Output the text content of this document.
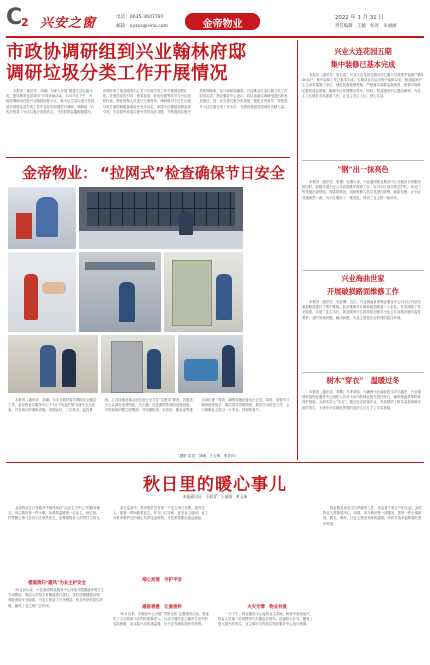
C
2 兴安之窗	电话：0635-3607787
邮箱：xyzxs@sina.com	金帝物业
2022 年 1 月 31 日
责任编辑　王薇　校对　朱丽丽
市政协调研组到兴业翰林府邸
调研垃圾分类工作开展情况
本报讯（通讯员　刘溪）为深入开展“推进生活垃圾分类，建设精美宜居城市”专项协商活动，1月17日下午，市政协调研组莅临兴业翰林府邸小区，就小区生活垃圾分类投放开展情况及分类工作中存在的问题进行调研。调研组一行先后察看了小区垃圾分类投放点、分类收集容器配置情况，详细听取了物业服务中心关于垃圾分类工作开展情况的汇报，并围绕宣传引导、督导检查、收运处置等环节与小区居民代表、物业管理人员进行交流座谈。调研组对小区在垃圾分类方面的积极探索给予充分肯定，希望小区继续加强宣传引导，引导居民养成垃圾分类的良好习惯，不断提高垃圾分类的知晓率、参与率和准确率，共同推动生活垃圾分类工作取得实效。物业服务中心表示，将认真落实调研组提出的意见建议，进一步完善垃圾分类设施，强化日常督导，持续提升小区垃圾分类工作水平，为建设美丽宜居城市贡献力量。
金帝物业： “拉网式”检查确保节日安全
本报讯（通讯员　刘溪）为全力做好春节期间安全稳定工作，金帝物业各服务中心于1月下旬起开展节前安全大检查，对各项目的消防设施、电梯运行、二次供水、监控系统、公共设施及重点部位进行全方位“拉网式”排查。各服务中心认真检查消防栓、灭火器、应急照明等消防设施设备，对发现的问题立即整改；对电梯机房、水泵房、配电室等重点部位逐一排查，确保设施设备运行正常。同时，加强节日期间值班值守，落实领导带班制度，做好安全防范工作，全力保障业主度过一个安全、祥和的春节。
（摄影 苗君　刘溪　王玉珠　张洋洋）
兴业大连花园五期
集中装修已基本完成
本报讯（通讯员　张自春）兴业大连花园五期目前已累计完成集中装修户数480余户，集中装修工作已基本完成。五期项目自启动集中装修以来，物业服务中心主动对接施工单位，细化装修管理措施，严格落实装修巡查制度，加强对装修垃圾的清运管理，确保小区环境整洁有序。同时，物业服务中心提前谋划，为业主入住做好各项准备工作，让业主安心入住、舒心生活。
“钢”出一抹亮色
本报讯（通讯员　张瑾）近期以来，兴业嘉园物业服务中心在做好日常服务的同时，积极开展小区公共设施维护保养工作。针对小区部分铁艺护栏、单元门等设施出现锈蚀、掉漆的情况，组织维修人员对其进行除锈、刷漆处理，让小区设施焕然一新，为小区增添了一抹亮色，得到了业主的一致好评。
兴业海曲世家
开展破损路面维修工作
本报讯（通讯员　吴亚琳）近日，兴业海曲世家物业服务中心对小区内部分破损路面进行了集中维修。此次维修共计修补破损路面二十余处，有效消除了安全隐患，方便了业主出行。物业服务中心将持续加强对小区公共设施设备的巡查维护，及时发现问题、解决问题，为业主营造安全舒适的居住环境。
树木“穿衣”　温暖过冬
本报讯（通讯员　李慧）冬季来临，为确保小区绿化树木安全越冬，兴业锦绣家园物业服务中心组织人员对小区内的绿化树木进行涂白、缠绕保温带等防寒保护措施，为树木穿上“冬衣”。通过此次防寒作业，有效预防了树木冻害和病虫害的发生，为来年小区绿化景观的良好生长打下了坚实基础。
秋日里的暖心事儿
本报通讯员　王晓青　王丽娟　黄玉珠
金帝物业在日常服务中始终坚持“以业主为中心”的服务理念，用心做好每一件小事，用真情温暖每一位业主。秋日里，一件件暖心事儿在各小区悄然发生，诠释着物业人的责任与担当。
楼道清扫“暖风”为业主护安全
10月份以来，兴业嘉园物业服务中心持续开展楼道环境卫生专项整治，保洁人员每天对楼道进行清扫，及时清理楼道杂物，消除消防安全隐患，为业主营造了干净整洁、安全有序的居住环境，赢得了业主的广泛好评。
某日巡查中，秩序维护员发现一户业主家门未锁，屋内无人，便第一时间联系业主，并在门口守候，直至业主赶回。业主对秩序维护员的细心负责连连称赞，并送来感谢信表达谢意。
细心发现　守护平安
感恩善意　让爱流传
10月以来，各服务中心开展“邻里互助”志愿服务活动，物业员工主动帮助小区内的孤寡老人、行动不便的业主解决生活中的实际困难，用实际行动传递温暖，让小区充满浓浓的邻里情。
火灾无情　物业有爱
一天下午，物业服务中心接到业主求助，称家中厨房起火，物业人员第一时间携带灭火器赶往现场，迅速将火扑灭，避免了更大损失的发生。业主事后专程前往物业服务中心表示感谢。
物业服务虽是平凡琐碎的工作，却连着千家万户的生活。金帝物业人将继续用心、用情、用力做好每一项服务，把每一件小事做细、做实、做好，让业主感受到家的温暖，共同打造幸福和谐的美好家园。
